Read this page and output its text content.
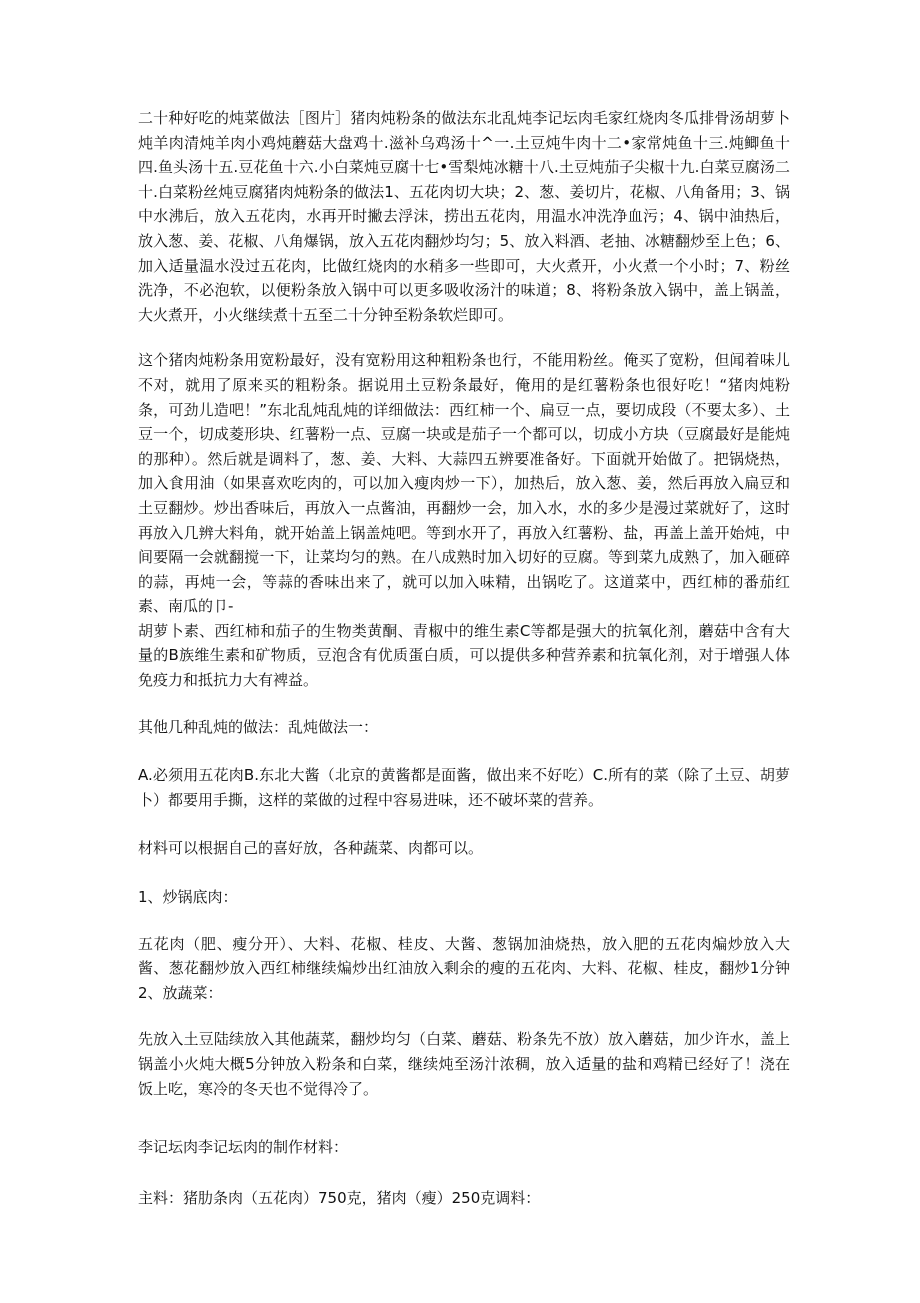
二十种好吃的炖菜做法［图片］猪肉炖粉条的做法东北乱炖李记坛肉毛家红烧肉冬瓜排骨汤胡萝卜炖羊肉清炖羊肉小鸡炖蘑菇大盘鸡十.滋补乌鸡汤十^一.土豆炖牛肉十二•家常炖鱼十三.炖鲫鱼十四.鱼头汤十五.豆花鱼十六.小白菜炖豆腐十七•雪梨炖冰糖十八.土豆炖茄子尖椒十九.白菜豆腐汤二十.白菜粉丝炖豆腐猪肉炖粉条的做法1、五花肉切大块；2、葱、姜切片，花椒、八角备用；3、锅中水沸后，放入五花肉，水再开时撇去浮沫，捞出五花肉，用温水冲洗净血污；4、锅中油热后，放入葱、姜、花椒、八角爆锅，放入五花肉翻炒均匀；5、放入料酒、老抽、冰糖翻炒至上色；6、加入适量温水没过五花肉，比做红烧肉的水稍多一些即可，大火煮开，小火煮一个小时；7、粉丝洗净，不必泡软，以便粉条放入锅中可以更多吸收汤汁的味道；8、将粉条放入锅中，盖上锅盖，大火煮开，小火继续煮十五至二十分钟至粉条软烂即可。

这个猪肉炖粉条用宽粉最好，没有宽粉用这种粗粉条也行，不能用粉丝。俺买了宽粉，但闻着味儿不对，就用了原来买的粗粉条。据说用土豆粉条最好，俺用的是红薯粉条也很好吃！“猪肉炖粉条，可劲儿造吧！”东北乱炖乱炖的详细做法：西红柿一个、扁豆一点，要切成段（不要太多）、土豆一个，切成菱形块、红薯粉一点、豆腐一块或是茄子一个都可以，切成小方块（豆腐最好是能炖的那种）。然后就是调料了，葱、姜、大料、大蒜四五辨要准备好。下面就开始做了。把锅烧热，加入食用油（如果喜欢吃肉的，可以加入瘦肉炒一下），加热后，放入葱、姜，然后再放入扁豆和土豆翻炒。炒出香味后，再放入一点酱油，再翻炒一会，加入水，水的多少是漫过菜就好了，这时再放入几辨大料角，就开始盖上锅盖炖吧。等到水开了，再放入红薯粉、盐，再盖上盖开始炖，中间要隔一会就翻搅一下，让菜均匀的熟。在八成熟时加入切好的豆腐。等到菜九成熟了，加入砸碎的蒜，再炖一会，等蒜的香味出来了，就可以加入味精，出锅吃了。这道菜中，西红柿的番茄红素、南瓜的卩-
胡萝卜素、西红柿和茄子的生物类黄酮、青椒中的维生素C等都是强大的抗氧化剂，蘑菇中含有大量的B族维生素和矿物质，豆泡含有优质蛋白质，可以提供多种营养素和抗氧化剂，对于增强人体免疫力和抵抗力大有裨益。

其他几种乱炖的做法：乱炖做法一：

A.必须用五花肉B.东北大酱（北京的黄酱都是面酱，做出来不好吃）C.所有的菜（除了土豆、胡萝卜）都要用手撕，这样的菜做的过程中容易进味，还不破坏菜的营养。

材料可以根据自己的喜好放，各种蔬菜、肉都可以。

1、炒锅底肉：

五花肉（肥、瘦分开）、大料、花椒、桂皮、大酱、葱锅加油烧热，放入肥的五花肉煸炒放入大酱、葱花翻炒放入西红柿继续煸炒出红油放入剩余的瘦的五花肉、大料、花椒、桂皮，翻炒1分钟2、放蔬菜：

先放入土豆陆续放入其他蔬菜，翻炒均匀（白菜、蘑菇、粉条先不放）放入蘑菇，加少许水，盖上锅盖小火炖大概5分钟放入粉条和白菜，继续炖至汤汁浓稠，放入适量的盐和鸡精已经好了！浇在饭上吃，寒冷的冬天也不觉得冷了。

李记坛肉李记坛肉的制作材料：

主料：猪肋条肉（五花肉）750克，猪肉（瘦）250克调料：
